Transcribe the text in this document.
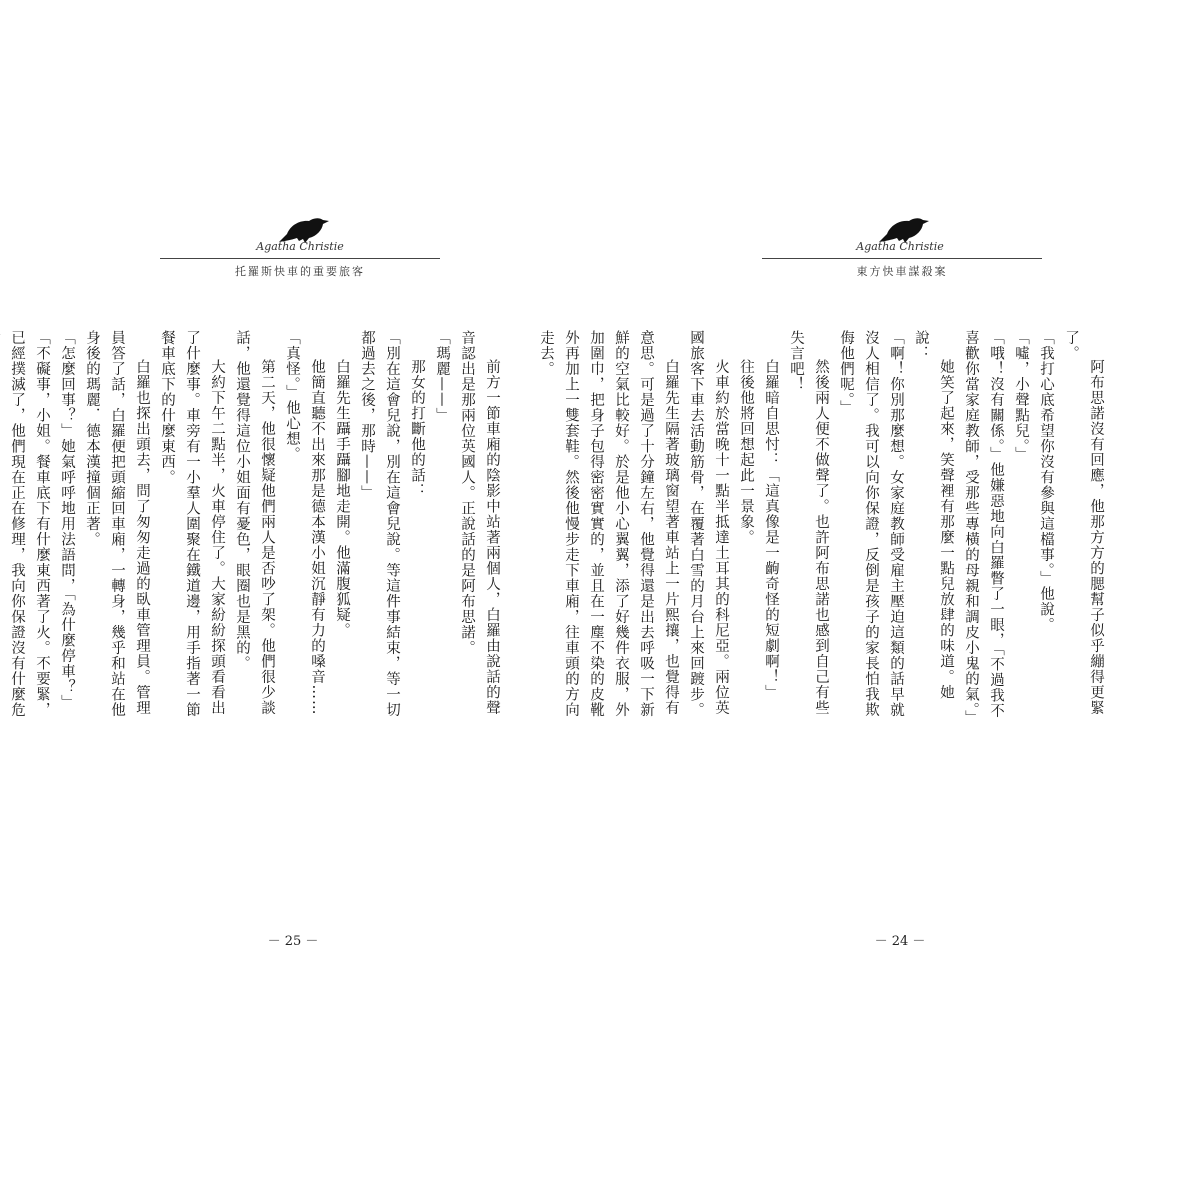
Agatha Christie
托羅斯快車的重要旅客

前方一節車廂的陰影中站著兩個人，白羅由說話的聲音認出是那兩位英國人。正說話的是阿布思諾。

「瑪麗——」

那女的打斷他的話：

「別在這會兒說，別在這會兒說。等這件事結束，等一切都過去之後，那時——」

白羅先生躡手躡腳地走開。他滿腹狐疑。

他簡直聽不出來那是德本漢小姐沉靜有力的嗓音……「真怪。」他心想。

第二天，他很懷疑他們兩人是否吵了架。他們很少談話，他還覺得這位小姐面有憂色，眼圈也是黑的。

大約下午二點半，火車停住了。大家紛紛探頭看看出了什麼事。車旁有一小羣人圍聚在鐵道邊，用手指著一節餐車底下的什麼東西。

白羅也探出頭去，問了匆匆走過的臥車管理員。管理員答了話，白羅便把頭縮回車廂，一轉身，幾乎和站在他身後的瑪麗．德本漢撞個正著。

「怎麼回事？」她氣呼呼地用法語問，「為什麼停車？」

「不礙事，小姐。餐車底下有什麼東西著了火。不要緊，已經撲滅了，他們現在正在修理，我向你保證沒有什麼危

－ 25 －
Agatha Christie
東方快車謀殺案

阿布思諾沒有回應，他那方方的腮幫子似乎繃得更緊了。

「我打心底希望你沒有參與這檔事。」他說。

「噓，小聲點兒。」

「哦！沒有關係。」他嫌惡地向白羅瞥了一眼，「不過我不喜歡你當家庭教師，受那些專橫的母親和調皮小鬼的氣。」

她笑了起來，笑聲裡有那麼一點兒放肆的味道。她說：

「啊！你別那麼想。女家庭教師受雇主壓迫這類的話早就沒人相信了。我可以向你保證，反倒是孩子的家長怕我欺侮他們呢。」

然後兩人便不做聲了。也許阿布思諾也感到自己有些失言吧！

白羅暗自思忖：「這真像是一齣奇怪的短劇啊！」

往後他將回想起此一景象。

火車約於當晚十一點半抵達土耳其的科尼亞。兩位英國旅客下車去活動筋骨，在覆著白雪的月台上來回踱步。

白羅先生隔著玻璃窗望著車站上一片熙攘，也覺得有意思。可是過了十分鐘左右，他覺得還是出去呼吸一下新鮮的空氣比較好。於是他小心翼翼，添了好幾件衣服，外加圍巾，把身子包得密密實實的，並且在一塵不染的皮靴外再加上一雙套鞋。然後他慢步走下車廂，往車頭的方向走去。

－ 24 －
